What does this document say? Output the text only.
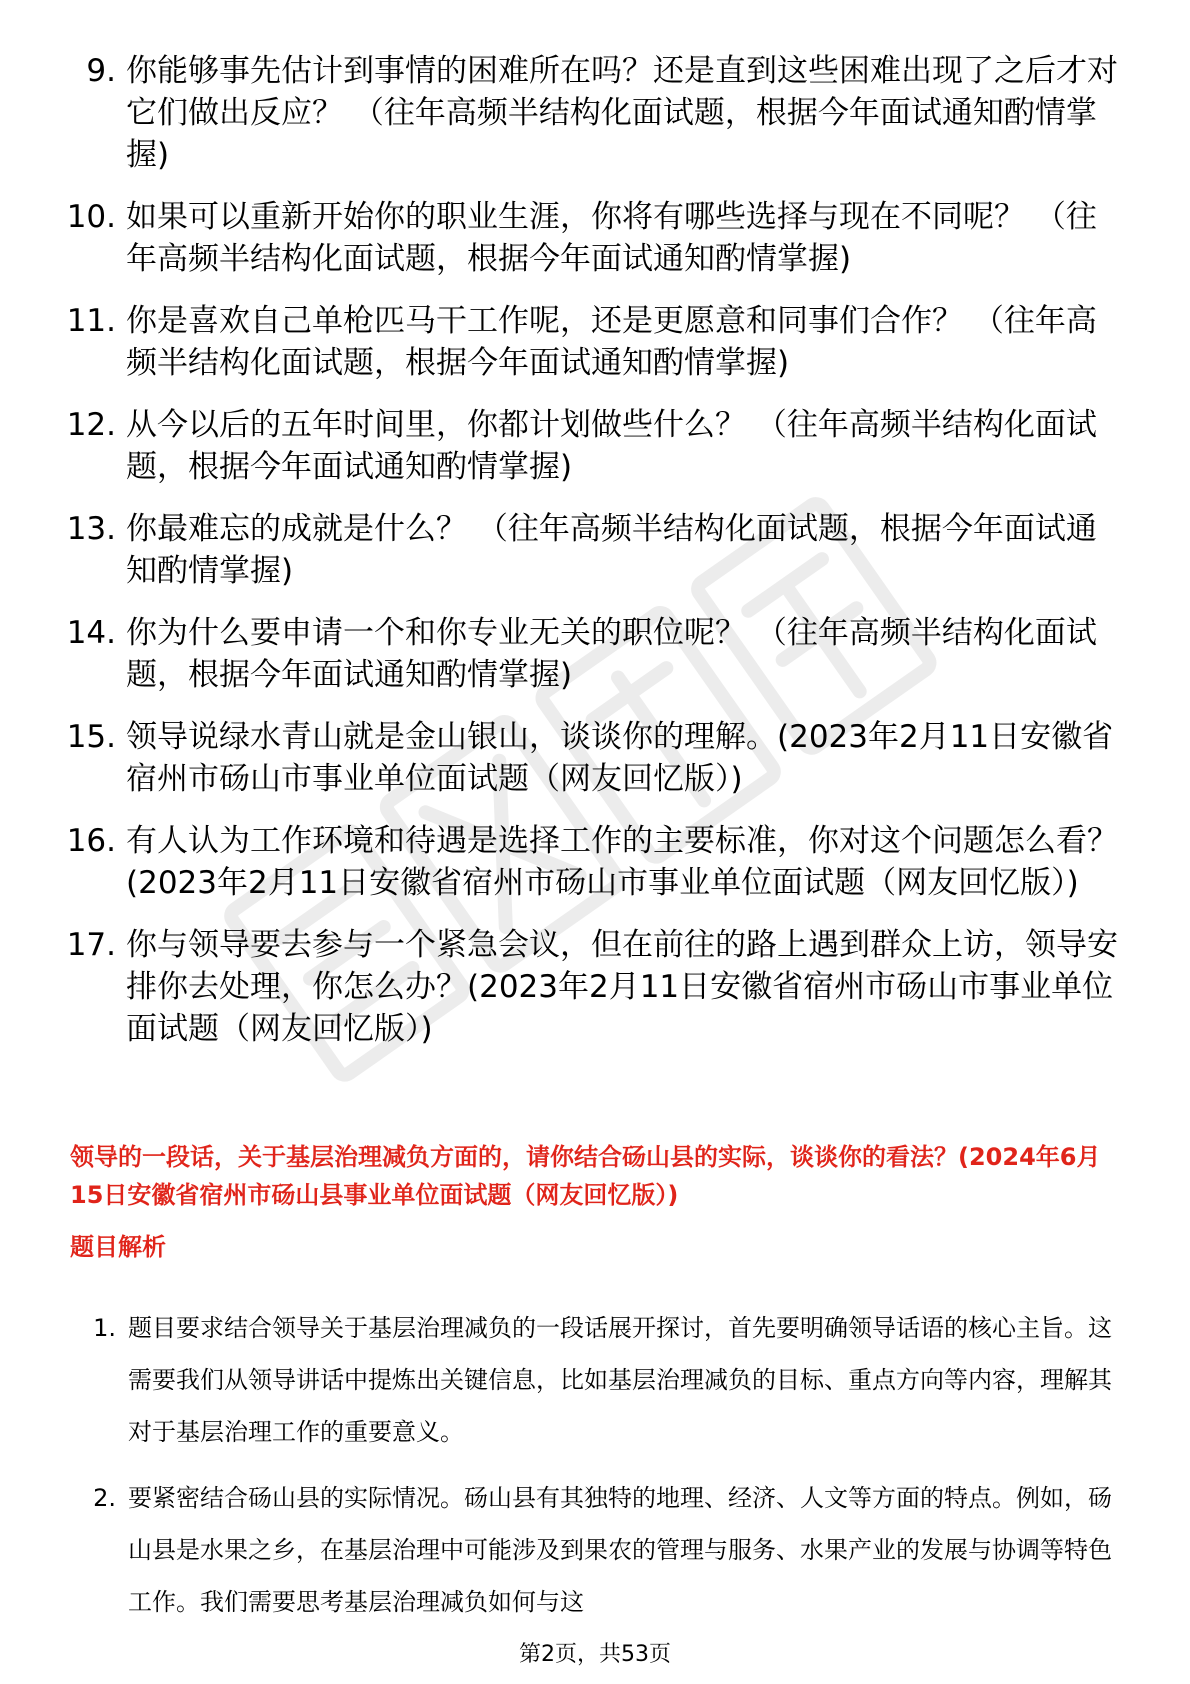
9. 你能够事先估计到事情的困难所在吗？还是直到这些困难出现了之后才对它们做出反应？ （往年高频半结构化面试题，根据今年面试通知酌情掌握)
10. 如果可以重新开始你的职业生涯，你将有哪些选择与现在不同呢？ （往年高频半结构化面试题，根据今年面试通知酌情掌握)
11. 你是喜欢自己单枪匹马干工作呢，还是更愿意和同事们合作？ （往年高频半结构化面试题，根据今年面试通知酌情掌握)
12. 从今以后的五年时间里，你都计划做些什么？ （往年高频半结构化面试题，根据今年面试通知酌情掌握)
13. 你最难忘的成就是什么？ （往年高频半结构化面试题，根据今年面试通知酌情掌握)
14. 你为什么要申请一个和你专业无关的职位呢？ （往年高频半结构化面试题，根据今年面试通知酌情掌握)
15. 领导说绿水青山就是金山银山，谈谈你的理解。(2023年2月11日安徽省宿州市砀山市事业单位面试题（网友回忆版）)
16. 有人认为工作环境和待遇是选择工作的主要标准，你对这个问题怎么看？(2023年2月11日安徽省宿州市砀山市事业单位面试题（网友回忆版）)
17. 你与领导要去参与一个紧急会议，但在前往的路上遇到群众上访，领导安排你去处理，你怎么办？(2023年2月11日安徽省宿州市砀山市事业单位面试题（网友回忆版）)
领导的一段话，关于基层治理减负方面的，请你结合砀山县的实际，谈谈你的看法？(2024年6月15日安徽省宿州市砀山县事业单位面试题（网友回忆版）)
题目解析
1. 题目要求结合领导关于基层治理减负的一段话展开探讨，首先要明确领导话语的核心主旨。这需要我们从领导讲话中提炼出关键信息，比如基层治理减负的目标、重点方向等内容，理解其对于基层治理工作的重要意义。
2. 要紧密结合砀山县的实际情况。砀山县有其独特的地理、经济、人文等方面的特点。例如，砀山县是水果之乡，在基层治理中可能涉及到果农的管理与服务、水果产业的发展与协调等特色工作。我们需要思考基层治理减负如何与这
第2页，共53页
